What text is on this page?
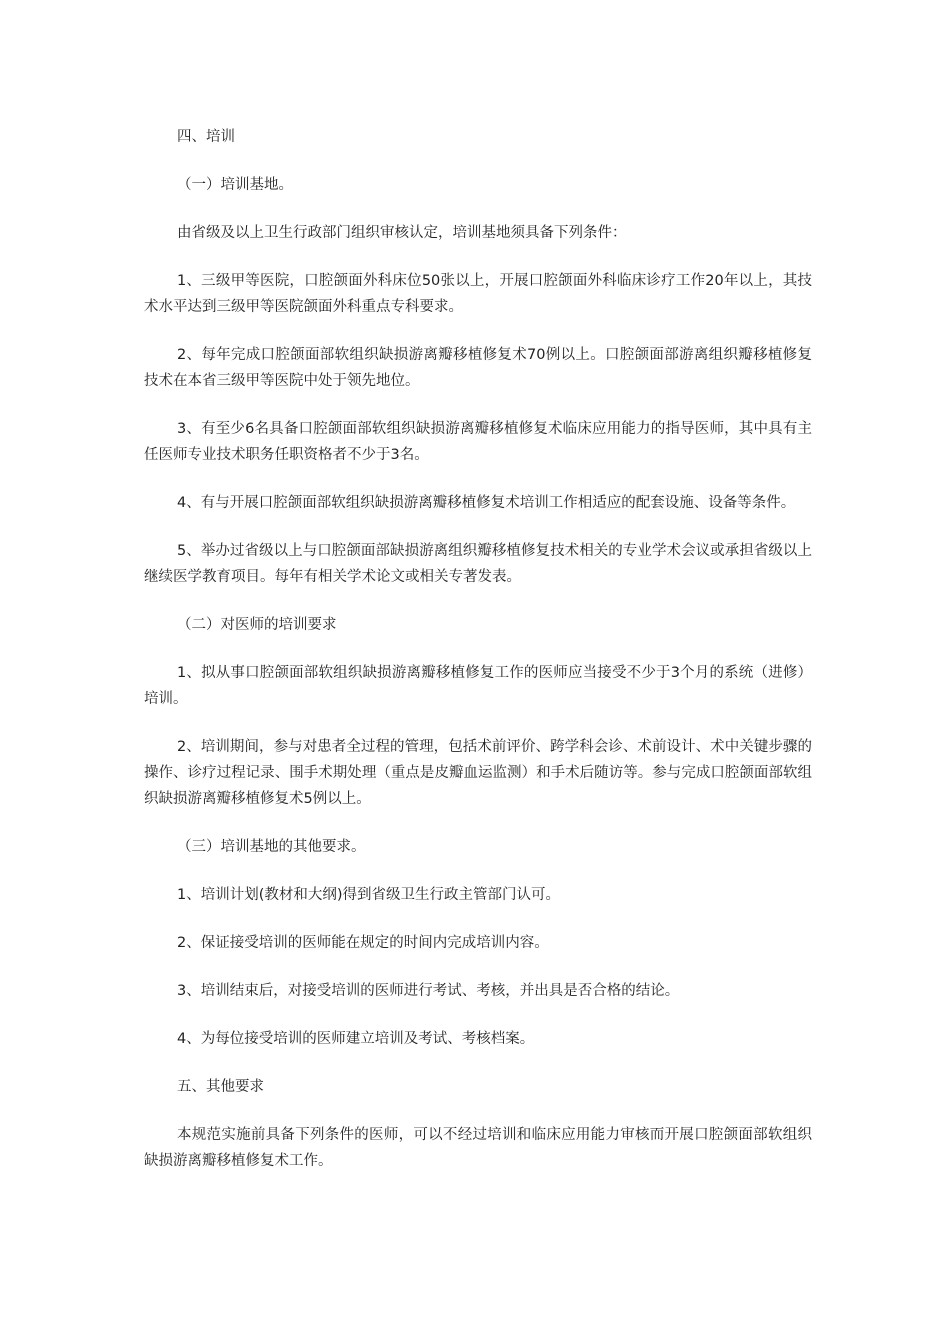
四、培训

（一）培训基地。

由省级及以上卫生行政部门组织审核认定，培训基地须具备下列条件：

1、三级甲等医院，口腔颌面外科床位50张以上，开展口腔颌面外科临床诊疗工作20年以上，其技术水平达到三级甲等医院颌面外科重点专科要求。

2、每年完成口腔颌面部软组织缺损游离瓣移植修复术70例以上。口腔颌面部游离组织瓣移植修复技术在本省三级甲等医院中处于领先地位。

3、有至少6名具备口腔颌面部软组织缺损游离瓣移植修复术临床应用能力的指导医师，其中具有主任医师专业技术职务任职资格者不少于3名。

4、有与开展口腔颌面部软组织缺损游离瓣移植修复术培训工作相适应的配套设施、设备等条件。

5、举办过省级以上与口腔颌面部缺损游离组织瓣移植修复技术相关的专业学术会议或承担省级以上继续医学教育项目。每年有相关学术论文或相关专著发表。

（二）对医师的培训要求

1、拟从事口腔颌面部软组织缺损游离瓣移植修复工作的医师应当接受不少于3个月的系统（进修）培训。

2、培训期间，参与对患者全过程的管理，包括术前评价、跨学科会诊、术前设计、术中关键步骤的操作、诊疗过程记录、围手术期处理（重点是皮瓣血运监测）和手术后随访等。参与完成口腔颌面部软组织缺损游离瓣移植修复术5例以上。

（三）培训基地的其他要求。

1、培训计划(教材和大纲)得到省级卫生行政主管部门认可。

2、保证接受培训的医师能在规定的时间内完成培训内容。

3、培训结束后，对接受培训的医师进行考试、考核，并出具是否合格的结论。

4、为每位接受培训的医师建立培训及考试、考核档案。

五、其他要求

本规范实施前具备下列条件的医师，可以不经过培训和临床应用能力审核而开展口腔颌面部软组织缺损游离瓣移植修复术工作。
